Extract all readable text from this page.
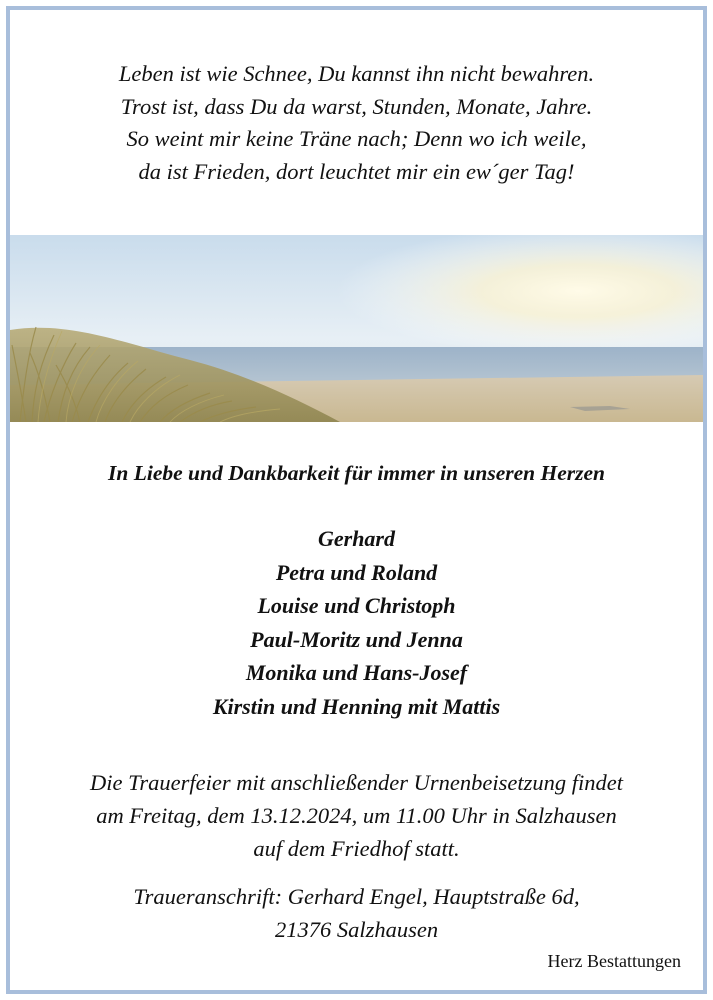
Leben ist wie Schnee, Du kannst ihn nicht bewahren.
Trost ist, dass Du da warst, Stunden, Monate, Jahre.
So weint mir keine Träne nach; Denn wo ich weile,
da ist Frieden, dort leuchtet mir ein ew´ger Tag!
In Liebe und Dankbarkeit für immer in unseren Herzen
Gerhard
Petra und Roland
Louise und Christoph
Paul-Moritz und Jenna
Monika und Hans-Josef
Kirstin und Henning mit Mattis
Die Trauerfeier mit anschließender Urnenbeisetzung findet
am Freitag, dem 13.12.2024, um 11.00 Uhr in Salzhausen
auf dem Friedhof statt.
Traueranschrift: Gerhard Engel, Hauptstraße 6d,
21376 Salzhausen
Herz Bestattungen
